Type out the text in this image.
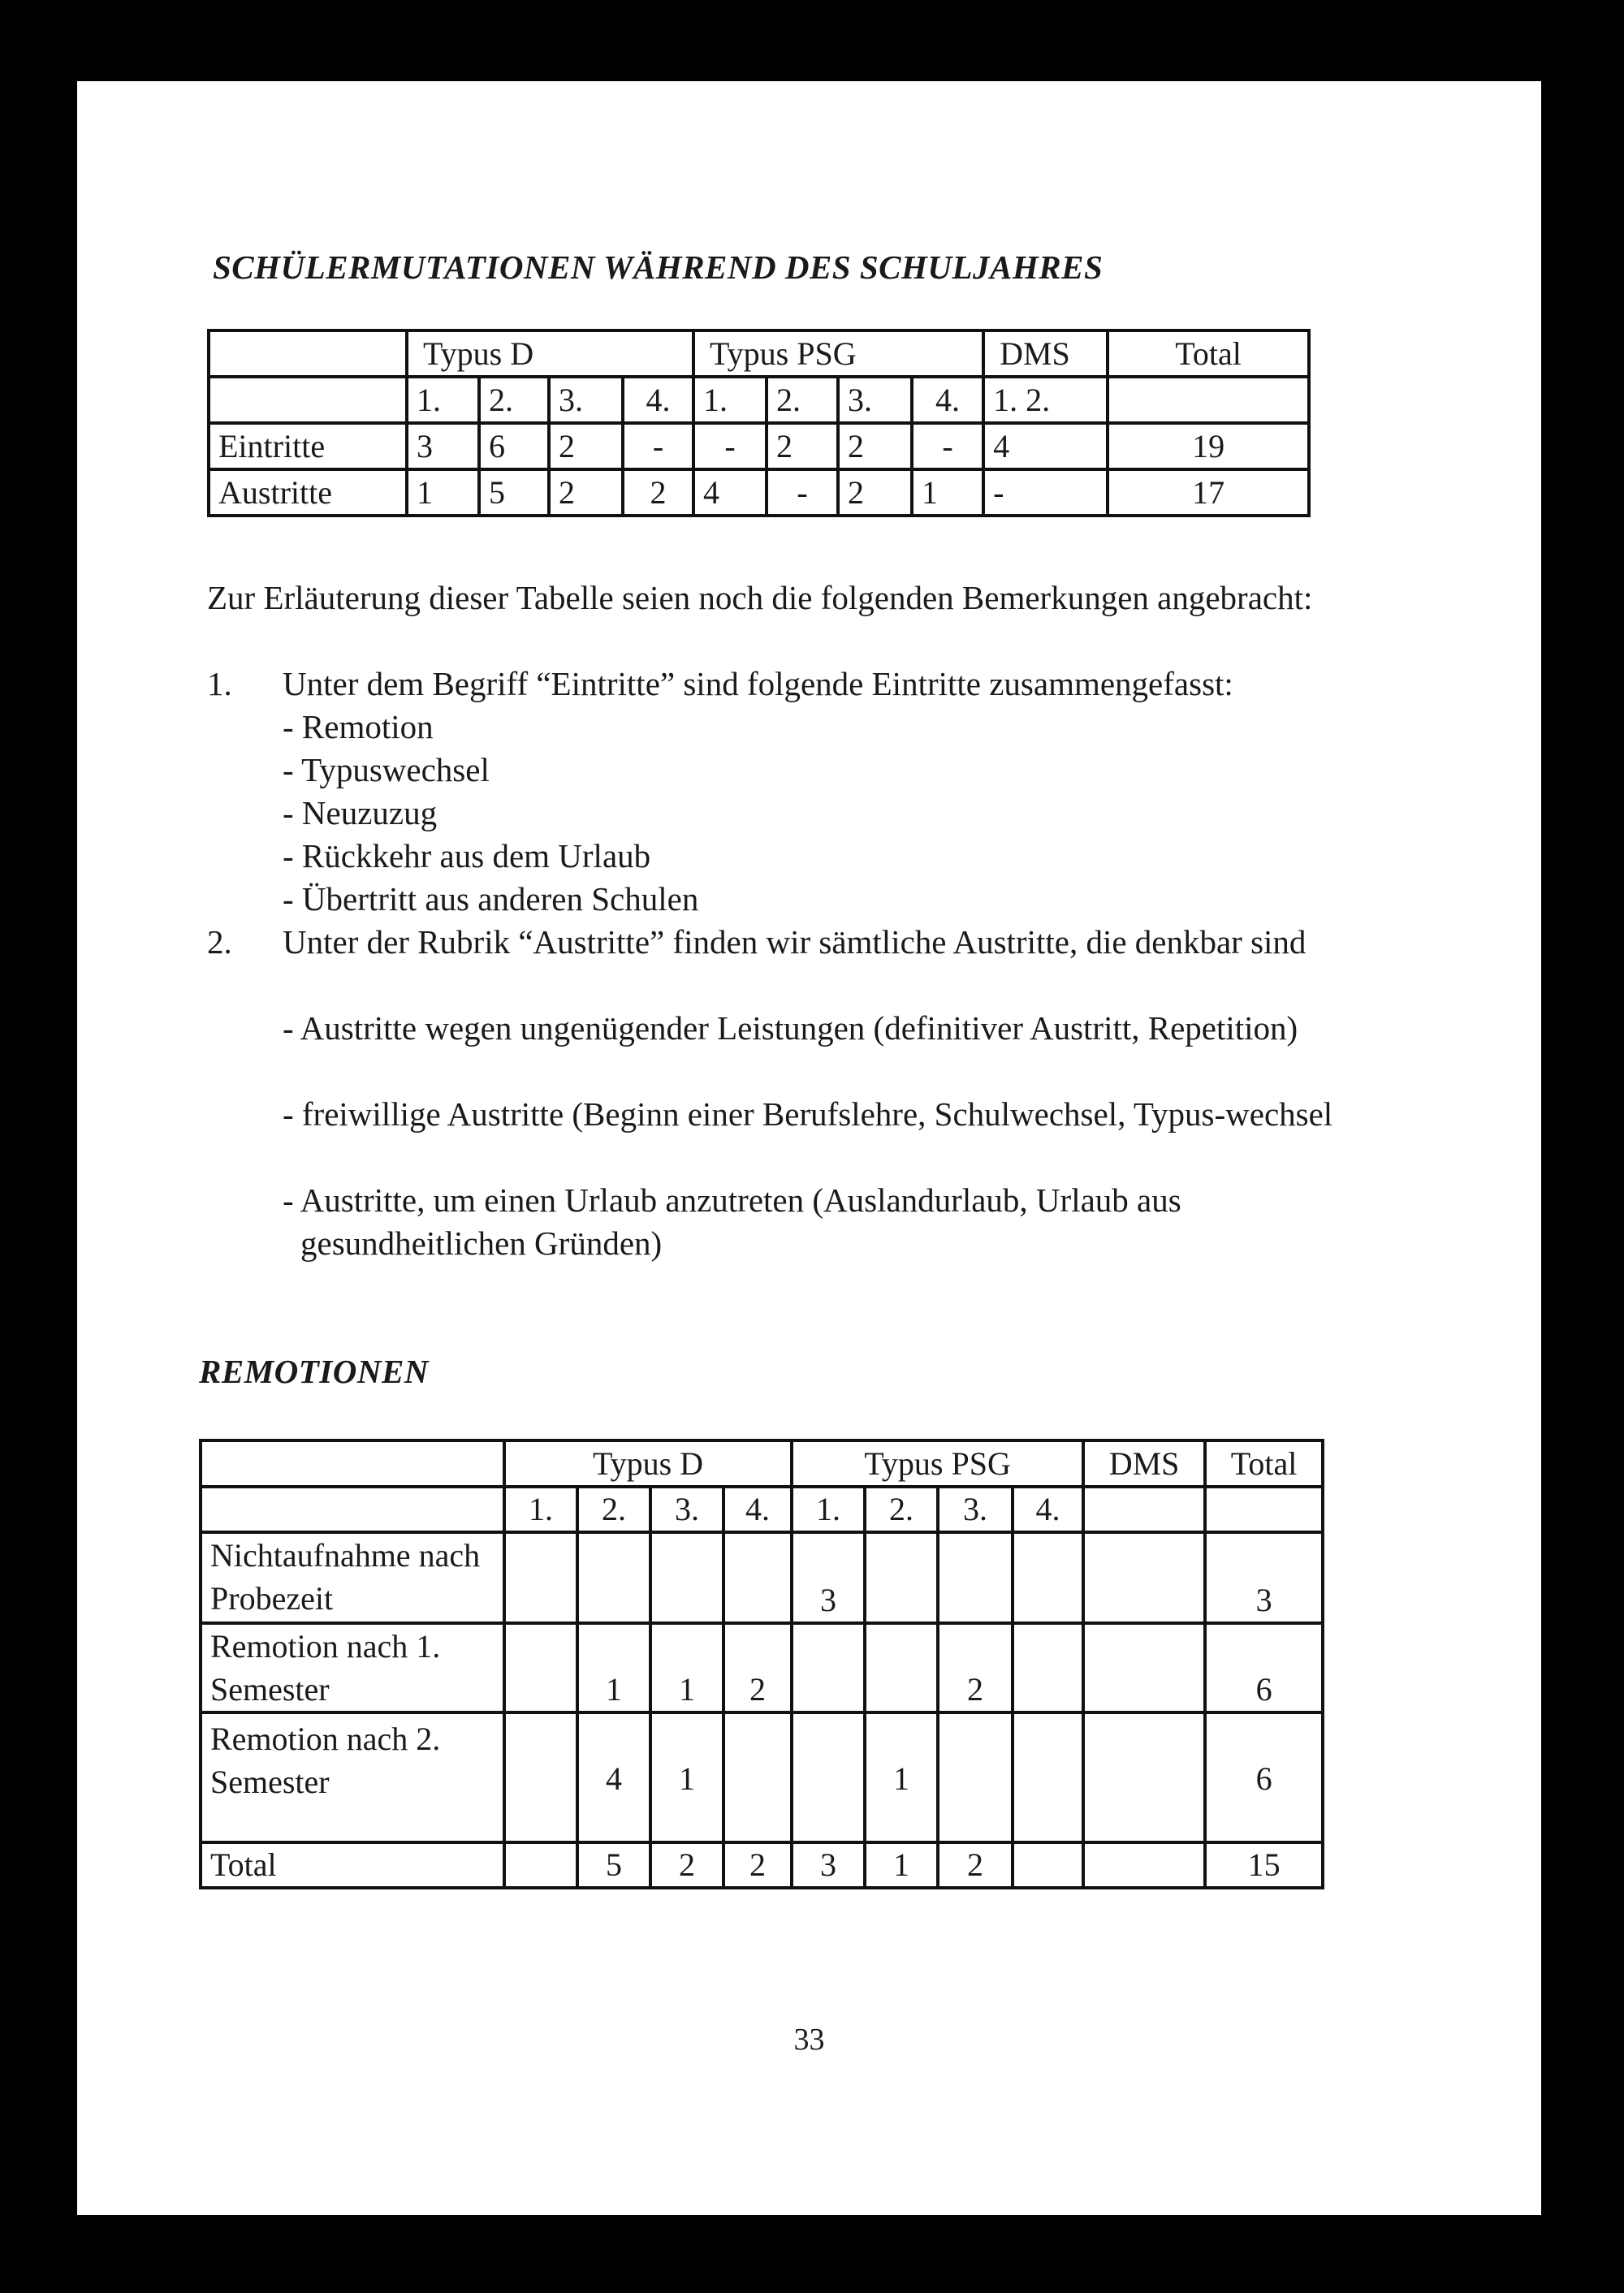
SCHÜLERMUTATIONEN WÄHREND DES SCHULJAHRES
	Typus D				Typus PSG				DMS	Total
	1.	2.	3.	4.	1.	2.	3.	4.	1. 2.	
Eintritte	3	6	2	-	-	2	2	-	4	19
Austritte	1	5	2	2	4	-	2	1	-	17

Zur Erläuterung dieser Tabelle seien noch die folgenden Bemerkungen angebracht:

1. Unter dem Begriff “Eintritte” sind folgende Eintritte zusammengefasst:
- Remotion
- Typuswechsel
- Neuzuzug
- Rückkehr aus dem Urlaub
- Übertritt aus anderen Schulen
2. Unter der Rubrik “Austritte” finden wir sämtliche Austritte, die denkbar sind
- Austritte wegen ungenügender Leistungen (definitiver Austritt, Repetition)
- freiwillige Austritte (Beginn einer Berufslehre, Schulwechsel, Typus-wechsel
- Austritte, um einen Urlaub anzutreten (Auslandurlaub, Urlaub aus gesundheitlichen Gründen)
REMOTIONEN
	Typus D				Typus PSG				DMS	Total
	1.	2.	3.	4.	1.	2.	3.	4.		
Nichtaufnahme nach Probezeit					3					3
Remotion nach 1. Semester		1	1	2			2			6
Remotion nach 2. Semester		4	1			1				6
Total		5	2	2	3	1	2			15
33
